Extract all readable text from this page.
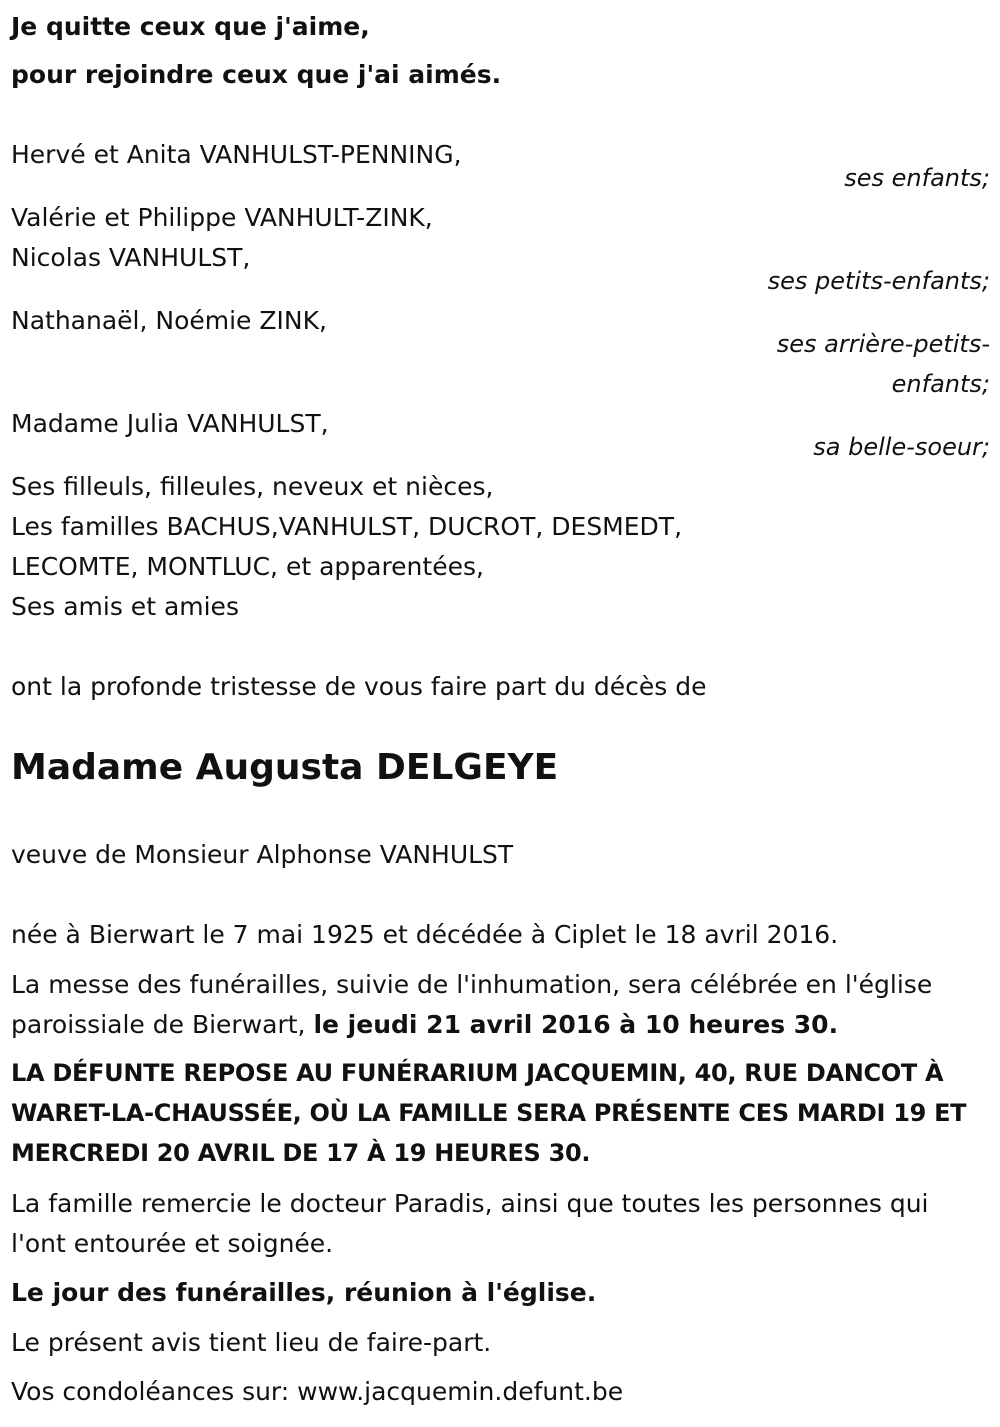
Je quitte ceux que j'aime,
pour rejoindre ceux que j'ai aimés.
Hervé et Anita VANHULST-PENNING,
ses enfants;
Valérie et Philippe VANHULT-ZINK,
Nicolas VANHULST,
ses petits-enfants;
Nathanaël, Noémie ZINK,
ses arrière-petits-
enfants;
Madame Julia VANHULST,
sa belle-soeur;
Ses filleuls, filleules, neveux et nièces,
Les familles BACHUS,VANHULST, DUCROT, DESMEDT,
LECOMTE, MONTLUC, et apparentées,
Ses amis et amies
ont la profonde tristesse de vous faire part du décès de
Madame Augusta DELGEYE
veuve de Monsieur Alphonse VANHULST
née à Bierwart le 7 mai 1925 et décédée à Ciplet le 18 avril 2016.
La messe des funérailles, suivie de l'inhumation, sera célébrée en l'église
paroissiale de Bierwart, le jeudi 21 avril 2016 à 10 heures 30.
LA DÉFUNTE REPOSE AU FUNÉRARIUM JACQUEMIN, 40, RUE DANCOT À
WARET-LA-CHAUSSÉE, OÙ LA FAMILLE SERA PRÉSENTE CES MARDI 19 ET
MERCREDI 20 AVRIL DE 17 À 19 HEURES 30.
La famille remercie le docteur Paradis, ainsi que toutes les personnes qui
l'ont entourée et soignée.
Le jour des funérailles, réunion à l'église.
Le présent avis tient lieu de faire-part.
Vos condoléances sur: www.jacquemin.defunt.be
